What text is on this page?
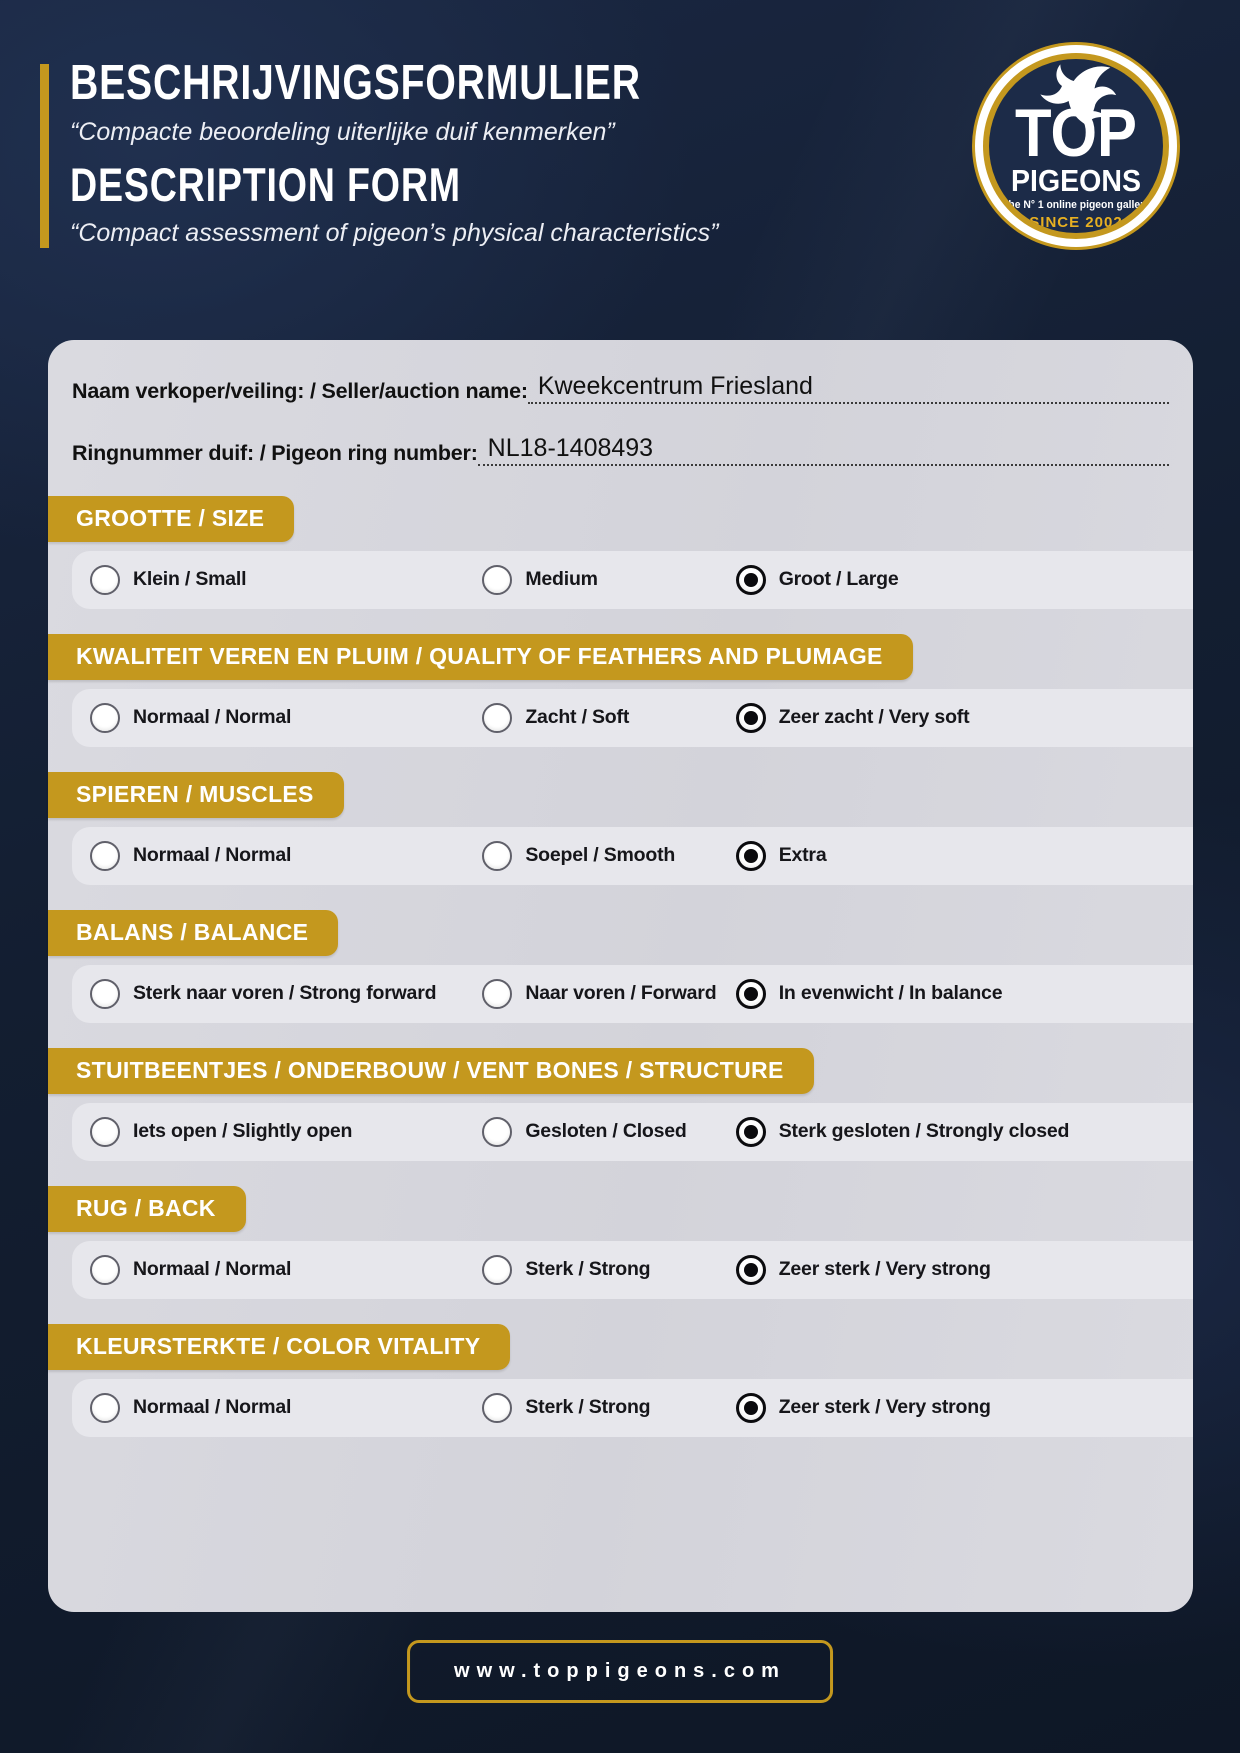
BESCHRIJVINGSFORMULIER

“Compacte beoordeling uiterlijke duif kenmerken”

DESCRIPTION FORM

“Compact assessment of pigeon’s physical characteristics”

TOP
PIGEONS
The N° 1 online pigeon gallery
SINCE 2002
Naam verkoper/veiling: / Seller/auction name: Kweekcentrum Friesland
Ringnummer duif: / Pigeon ring number: NL18-1408493
GROOTTE / SIZE
Klein / Small	Medium	Groot / Large
KWALITEIT VEREN EN PLUIM / QUALITY OF FEATHERS AND PLUMAGE
Normaal / Normal	Zacht / Soft	Zeer zacht / Very soft
SPIEREN / MUSCLES
Normaal / Normal	Soepel / Smooth	Extra
BALANS / BALANCE
Sterk naar voren / Strong forward	Naar voren / Forward	In evenwicht / In balance
STUITBEENTJES / ONDERBOUW / VENT BONES / STRUCTURE
Iets open / Slightly open	Gesloten / Closed	Sterk gesloten / Strongly closed
RUG / BACK
Normaal / Normal	Sterk / Strong	Zeer sterk / Very strong
KLEURSTERKTE / COLOR VITALITY
Normaal / Normal	Sterk / Strong	Zeer sterk / Very strong
www.toppigeons.com
